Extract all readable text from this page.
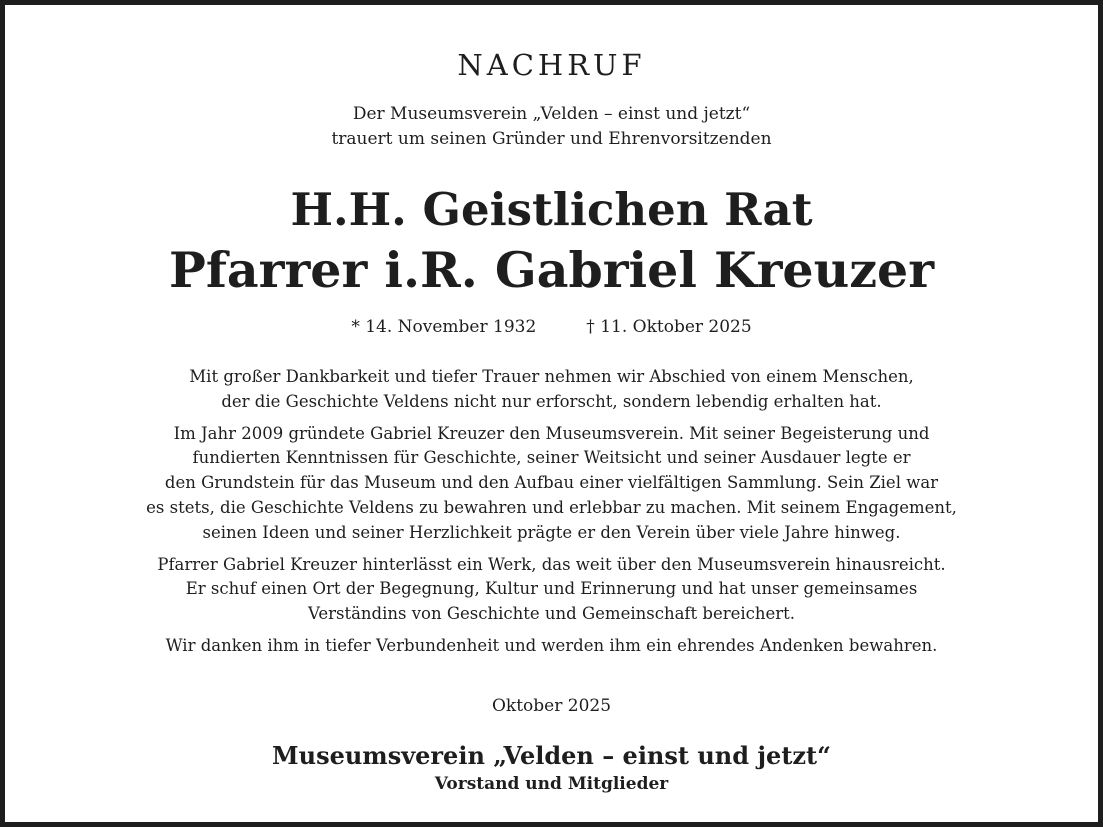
NACHRUF
Der Museumsverein „Velden – einst und jetzt“
trauert um seinen Gründer und Ehrenvorsitzenden
H.H. Geistlichen Rat
Pfarrer i.R. Gabriel Kreuzer
* 14. November 1932	† 11. Oktober 2025

Mit großer Dankbarkeit und tiefer Trauer nehmen wir Abschied von einem Menschen,
der die Geschichte Veldens nicht nur erforscht, sondern lebendig erhalten hat.

Im Jahr 2009 gründete Gabriel Kreuzer den Museumsverein. Mit seiner Begeisterung und
fundierten Kenntnissen für Geschichte, seiner Weitsicht und seiner Ausdauer legte er
den Grundstein für das Museum und den Aufbau einer vielfältigen Sammlung. Sein Ziel war
es stets, die Geschichte Veldens zu bewahren und erlebbar zu machen. Mit seinem Engagement,
seinen Ideen und seiner Herzlichkeit prägte er den Verein über viele Jahre hinweg.

Pfarrer Gabriel Kreuzer hinterlässt ein Werk, das weit über den Museumsverein hinausreicht.
Er schuf einen Ort der Begegnung, Kultur und Erinnerung und hat unser gemeinsames
Verständins von Geschichte und Gemeinschaft bereichert.

Wir danken ihm in tiefer Verbundenheit und werden ihm ein ehrendes Andenken bewahren.

Oktober 2025
Museumsverein „Velden – einst und jetzt“
Vorstand und Mitglieder
